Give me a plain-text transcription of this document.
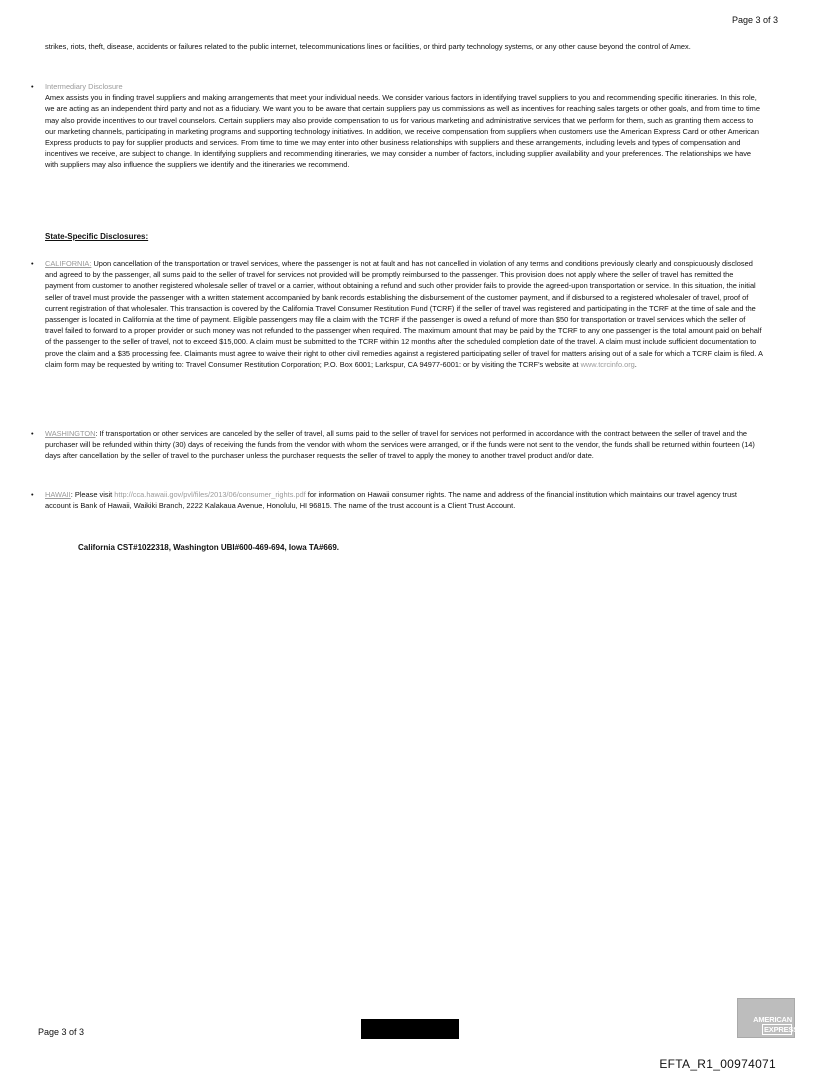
Page 3 of 3

strikes, riots, theft, disease, accidents or failures related to the public internet, telecommunications lines or facilities, or third party technology systems, or any other cause beyond the control of Amex.

• Intermediary Disclosure

Amex assists you in finding travel suppliers and making arrangements that meet your individual needs. We consider various factors in identifying travel suppliers to you and recommending specific itineraries. In this role, we are acting as an independent third party and not as a fiduciary. We want you to be aware that certain suppliers pay us commissions as well as incentives for reaching sales targets or other goals, and from time to time may also provide incentives to our travel counselors. Certain suppliers may also provide compensation to us for various marketing and administrative services that we perform for them, such as granting them access to our marketing channels, participating in marketing programs and supporting technology initiatives. In addition, we receive compensation from suppliers when customers use the American Express Card or other American Express products to pay for supplier products and services. From time to time we may enter into other business relationships with suppliers and these arrangements, including levels and types of compensation and incentives we receive, are subject to change. In identifying suppliers and recommending itineraries, we may consider a number of factors, including supplier availability and your preferences. The relationships we have with suppliers may also influence the suppliers we identify and the itineraries we recommend.

State-Specific Disclosures:

• CALIFORNIA: Upon cancellation of the transportation or travel services, where the passenger is not at fault and has not cancelled in violation of any terms and conditions previously clearly and conspicuously disclosed and agreed to by the passenger, all sums paid to the seller of travel for services not provided will be promptly reimbursed to the passenger. This provision does not apply where the seller of travel has remitted the payment from customer to another registered wholesale seller of travel or a carrier, without obtaining a refund and such other provider fails to provide the agreed-upon transportation or service. In this situation, the initial seller of travel must provide the passenger with a written statement accompanied by bank records establishing the disbursement of the customer payment, and if disbursed to a registered wholesaler of travel, proof of current registration of that wholesaler. This transaction is covered by the California Travel Consumer Restitution Fund (TCRF) if the seller of travel was registered and participating in the TCRF at the time of sale and the passenger is located in California at the time of payment. Eligible passengers may file a claim with the TCRF if the passenger is owed a refund of more than $50 for transportation or travel services which the seller of travel failed to forward to a proper provider or such money was not refunded to the passenger when required. The maximum amount that may be paid by the TCRF to any one passenger is the total amount paid on behalf of the passenger to the seller of travel, not to exceed $15,000. A claim must be submitted to the TCRF within 12 months after the scheduled completion date of the travel. A claim must include sufficient documentation to prove the claim and a $35 processing fee. Claimants must agree to waive their right to other civil remedies against a registered participating seller of travel for matters arising out of a sale for which a TCRF claim is filed. A claim form may be requested by writing to: Travel Consumer Restitution Corporation; P.O. Box 6001; Larkspur, CA 94977-6001: or by visiting the TCRF's website at www.tcrcinfo.org.

• WASHINGTON: If transportation or other services are canceled by the seller of travel, all sums paid to the seller of travel for services not performed in accordance with the contract between the seller of travel and the purchaser will be refunded within thirty (30) days of receiving the funds from the vendor with whom the services were arranged, or if the funds were not sent to the vendor, the funds shall be returned within fourteen (14) days after cancellation by the seller of travel to the purchaser unless the purchaser requests the seller of travel to apply the money to another travel product and/or date.

• HAWAII: Please visit http://cca.hawaii.gov/pvl/files/2013/06/consumer_rights.pdf for information on Hawaii consumer rights. The name and address of the financial institution which maintains our travel agency trust account is Bank of Hawaii, Waikiki Branch, 2222 Kalakaua Avenue, Honolulu, HI 96815. The name of the trust account is a Client Trust Account.

California CST#1022318, Washington UBI#600-469-694, Iowa TA#669.
Page 3 of 3
AMERICAN
EXPRESS
EFTA_R1_00974071
